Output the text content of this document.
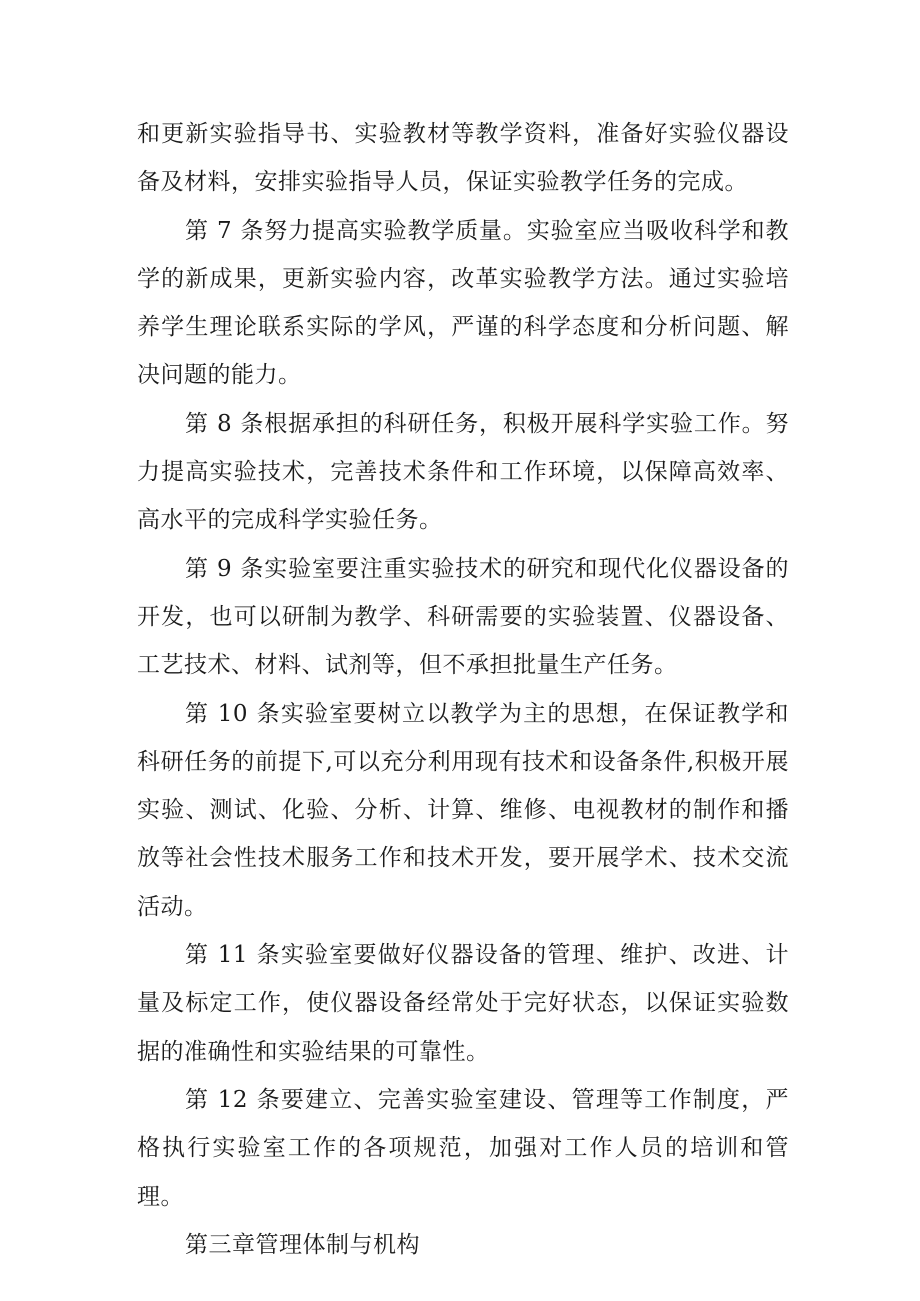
和更新实验指导书、实验教材等教学资料，准备好实验仪器设备及材料，安排实验指导人员，保证实验教学任务的完成。

第 7 条努力提高实验教学质量。实验室应当吸收科学和教学的新成果，更新实验内容，改革实验教学方法。通过实验培养学生理论联系实际的学风，严谨的科学态度和分析问题、解决问题的能力。

第 8 条根据承担的科研任务，积极开展科学实验工作。努力提高实验技术，完善技术条件和工作环境，以保障高效率、高水平的完成科学实验任务。

第 9 条实验室要注重实验技术的研究和现代化仪器设备的开发，也可以研制为教学、科研需要的实验装置、仪器设备、工艺技术、材料、试剂等，但不承担批量生产任务。

第 10 条实验室要树立以教学为主的思想，在保证教学和科研任务的前提下,可以充分利用现有技术和设备条件,积极开展实验、测试、化验、分析、计算、维修、电视教材的制作和播放等社会性技术服务工作和技术开发，要开展学术、技术交流活动。

第 11 条实验室要做好仪器设备的管理、维护、改进、计量及标定工作，使仪器设备经常处于完好状态，以保证实验数据的准确性和实验结果的可靠性。

第 12 条要建立、完善实验室建设、管理等工作制度，严格执行实验室工作的各项规范，加强对工作人员的培训和管理。

第三章管理体制与机构
